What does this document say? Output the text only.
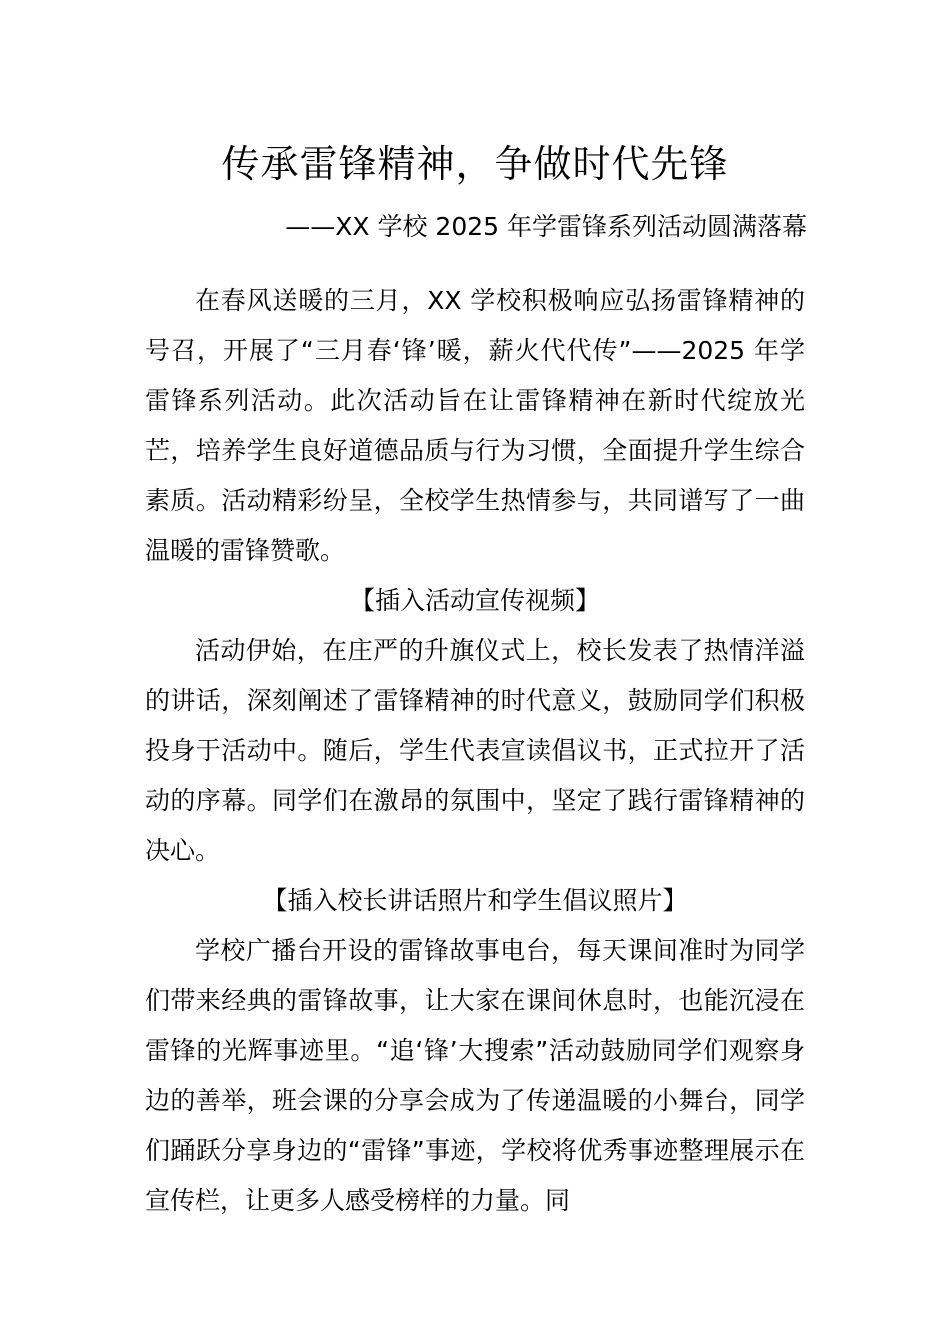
传承雷锋精神，争做时代先锋

——XX 学校 2025 年学雷锋系列活动圆满落幕

在春风送暖的三月，XX 学校积极响应弘扬雷锋精神的号召，开展了“三月春‘锋’暖，薪火代代传”——2025 年学雷锋系列活动。此次活动旨在让雷锋精神在新时代绽放光芒，培养学生良好道德品质与行为习惯，全面提升学生综合素质。活动精彩纷呈，全校学生热情参与，共同谱写了一曲温暖的雷锋赞歌。

【插入活动宣传视频】

活动伊始，在庄严的升旗仪式上，校长发表了热情洋溢的讲话，深刻阐述了雷锋精神的时代意义，鼓励同学们积极投身于活动中。随后，学生代表宣读倡议书，正式拉开了活动的序幕。同学们在激昂的氛围中，坚定了践行雷锋精神的决心。

【插入校长讲话照片和学生倡议照片】

学校广播台开设的雷锋故事电台，每天课间准时为同学们带来经典的雷锋故事，让大家在课间休息时，也能沉浸在雷锋的光辉事迹里。“追‘锋’大搜索”活动鼓励同学们观察身边的善举，班会课的分享会成为了传递温暖的小舞台，同学们踊跃分享身边的“雷锋”事迹，学校将优秀事迹整理展示在宣传栏，让更多人感受榜样的力量。同
